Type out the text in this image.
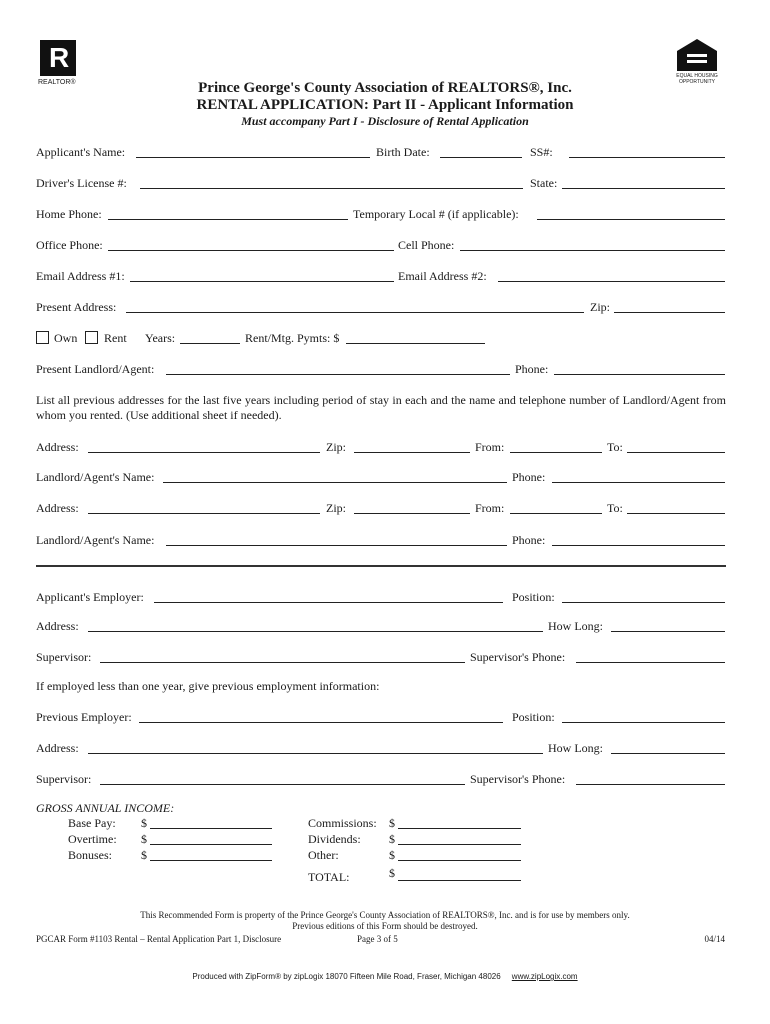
R
REALTOR®
EQUAL HOUSING
OPPORTUNITY
Prince George's County Association of REALTORS®, Inc.
RENTAL APPLICATION: Part II - Applicant Information
Must accompany Part I - Disclosure of Rental Application
Applicant's Name:	Birth Date:	SS#:
Driver's License #:	State:
Home Phone:	Temporary Local # (if applicable):
Office Phone:	Cell Phone:
Email Address #1:	Email Address #2:
Present Address:	Zip:
Own Rent Years:	Rent/Mtg. Pymts: $
Present Landlord/Agent:	Phone:
List all previous addresses for the last five years including period of stay in each and the name and telephone number of Landlord/Agent from whom you rented. (Use additional sheet if needed).
Address:	Zip:	From:	To:
Landlord/Agent's Name:	Phone:
Address:	Zip:	From:	To:
Landlord/Agent's Name:	Phone:
Applicant's Employer:	Position:
Address:	How Long:
Supervisor:	Supervisor's Phone:
If employed less than one year, give previous employment information:
Previous Employer:	Position:
Address:	How Long:
Supervisor:	Supervisor's Phone:
GROSS ANNUAL INCOME:
Base Pay: $
Overtime: $
Bonuses: $
Commissions: $
Dividends: $
Other:	$
TOTAL:	$
This Recommended Form is property of the Prince George's County Association of REALTORS®, Inc. and is for use by members only.
Previous editions of this Form should be destroyed.
PGCAR Form #1103 Rental – Rental Application Part 1, Disclosure	Page 3 of 5	04/14
Produced with ZipForm® by zipLogix 18070 Fifteen Mile Road, Fraser, Michigan 48026 www.zipLogix.com
